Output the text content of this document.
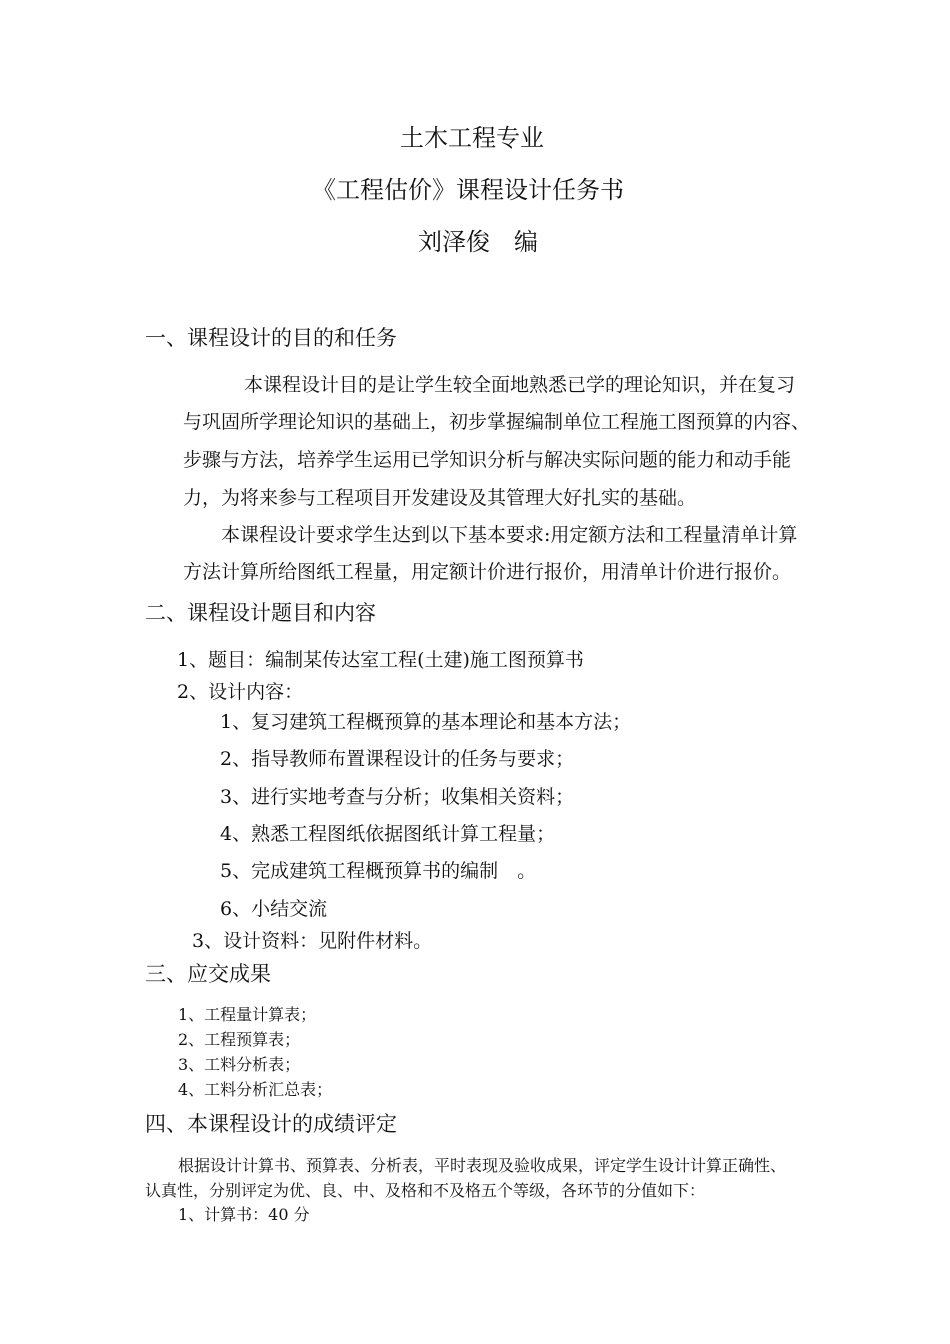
土木工程专业
《工程估价》课程设计任务书
刘泽俊　编
一、课程设计的目的和任务
本课程设计目的是让学生较全面地熟悉已学的理论知识，并在复习
与巩固所学理论知识的基础上，初步掌握编制单位工程施工图预算的内容、
步骤与方法，培养学生运用已学知识分析与解决实际问题的能力和动手能
力，为将来参与工程项目开发建设及其管理大好扎实的基础。
本课程设计要求学生达到以下基本要求:用定额方法和工程量清单计算
方法计算所给图纸工程量，用定额计价进行报价，用清单计价进行报价。
二、课程设计题目和内容
1、题目：编制某传达室工程(土建)施工图预算书
2、设计内容：
1、复习建筑工程概预算的基本理论和基本方法；
2、指导教师布置课程设计的任务与要求；
3、进行实地考查与分析；收集相关资料；
4、熟悉工程图纸依据图纸计算工程量；
5、完成建筑工程概预算书的编制　。
6、小结交流
3、设计资料：见附件材料。
三、应交成果
1、工程量计算表；
2、工程预算表；
3、工料分析表；
4、工料分析汇总表；
四、本课程设计的成绩评定
根据设计计算书、预算表、分析表，平时表现及验收成果，评定学生设计计算正确性、
认真性，分别评定为优、良、中、及格和不及格五个等级，各环节的分值如下：
1、计算书：40 分
